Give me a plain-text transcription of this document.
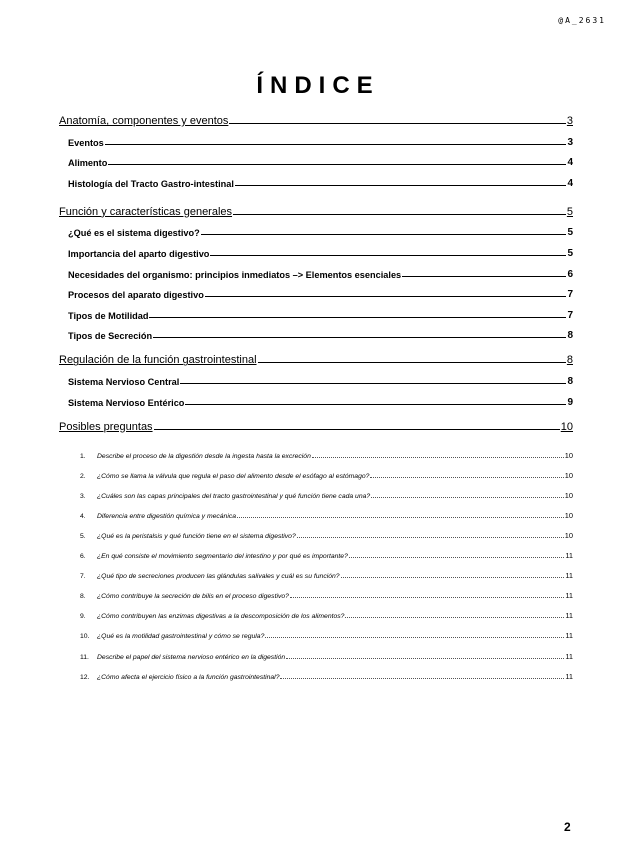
@A_2631
ÍNDICE
Anatomía, componentes y eventos	3
Eventos	3
Alimento	4
Histología del Tracto Gastro-intestinal	4
Función y características generales	5
¿Qué es el sistema digestivo?	5
Importancia del aparto digestivo	5
Necesidades del organismo: principios inmediatos –> Elementos esenciales	6
Procesos del aparato digestivo	7
Tipos de Motilidad	7
Tipos de Secreción	8
Regulación de la función gastrointestinal	8
Sistema Nervioso Central	8
Sistema Nervioso Entérico	9
Posibles preguntas	10
1. Describe el proceso de la digestión desde la ingesta hasta la excreción	10
2. ¿Cómo se llama la válvula que regula el paso del alimento desde el esófago al estómago?	10
3. ¿Cuáles son las capas principales del tracto gastrointestinal y qué función tiene cada una?	10
4. Diferencia entre digestión química y mecánica	10
5. ¿Qué es la peristalsis y qué función tiene en el sistema digestivo?	10
6. ¿En qué consiste el movimiento segmentario del intestino y por qué es importante?	11
7. ¿Qué tipo de secreciones producen las glándulas salivales y cuál es su función?	11
8. ¿Cómo contribuye la secreción de bilis en el proceso digestivo?	11
9. ¿Cómo contribuyen las enzimas digestivas a la descomposición de los alimentos?	11
10. ¿Qué es la motilidad gastrointestinal y cómo se regula?	11
11. Describe el papel del sistema nervioso entérico en la digestión	11
12. ¿Cómo afecta el ejercicio físico a la función gastrointestinal?	11
2
